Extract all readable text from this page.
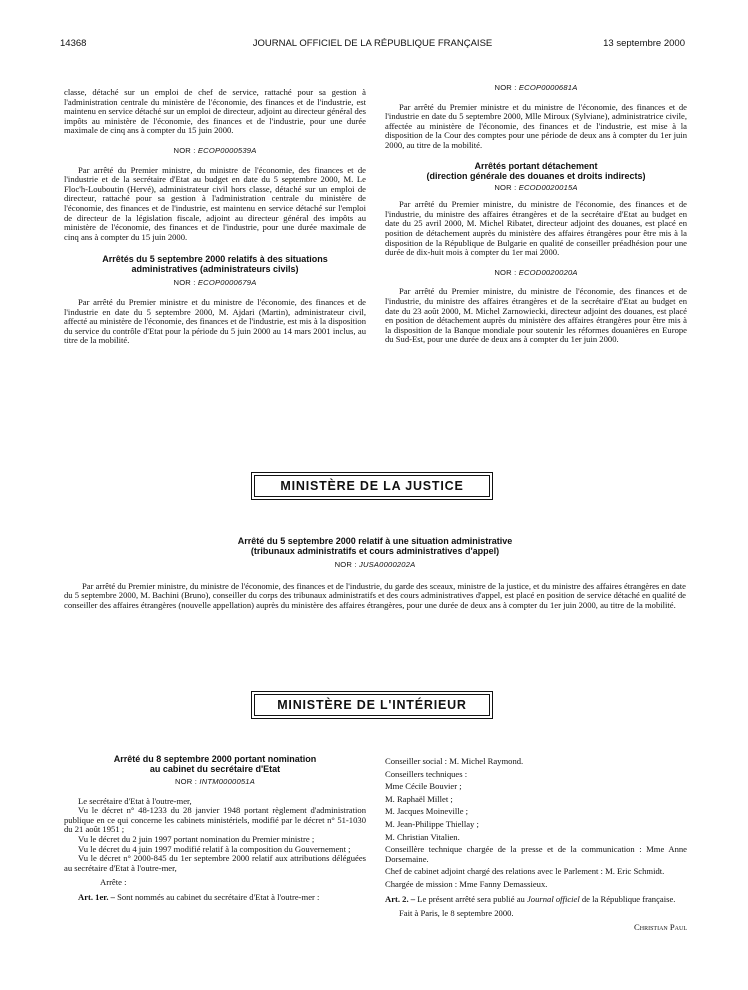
14368	JOURNAL OFFICIEL DE LA RÉPUBLIQUE FRANÇAISE	13 septembre 2000

classe, détaché sur un emploi de chef de service, rattaché pour sa gestion à l'administration centrale du ministère de l'économie, des finances et de l'industrie, est maintenu en service détaché sur un emploi de directeur, adjoint au directeur général des impôts au ministère de l'économie, des finances et de l'industrie, pour une durée maximale de cinq ans à compter du 15 juin 2000.

NOR : ECOP0000539A

Par arrêté du Premier ministre, du ministre de l'économie, des finances et de l'industrie et de la secrétaire d'Etat au budget en date du 5 septembre 2000, M. Le Floc'h-Louboutin (Hervé), administrateur civil hors classe, détaché sur un emploi de directeur, rattaché pour sa gestion à l'administration centrale du ministère de l'économie, des finances et de l'industrie, est maintenu en service détaché sur l'emploi de directeur de la législation fiscale, adjoint au directeur général des impôts au ministère de l'économie, des finances et de l'industrie, pour une durée maximale de cinq ans à compter du 15 juin 2000.

Arrêtés du 5 septembre 2000 relatifs à des situations
administratives (administrateurs civils)
NOR : ECOP0000679A

Par arrêté du Premier ministre et du ministre de l'économie, des finances et de l'industrie en date du 5 septembre 2000, M. Ajdari (Martin), administrateur civil, affecté au ministère de l'économie, des finances et de l'industrie, est mis à la disposition du service du contrôle d'Etat pour la période du 5 juin 2000 au 14 mars 2001 inclus, au titre de la mobilité.

NOR : ECOP0000681A

Par arrêté du Premier ministre et du ministre de l'économie, des finances et de l'industrie en date du 5 septembre 2000, Mlle Miroux (Sylviane), administratrice civile, affectée au ministère de l'économie, des finances et de l'industrie, est mise à la disposition de la Cour des comptes pour une période de deux ans à compter du 1er juin 2000, au titre de la mobilité.

Arrêtés portant détachement
(direction générale des douanes et droits indirects)
NOR : ECOD0020015A

Par arrêté du Premier ministre, du ministre de l'économie, des finances et de l'industrie, du ministre des affaires étrangères et de la secrétaire d'Etat au budget en date du 25 avril 2000, M. Michel Ribatet, directeur adjoint des douanes, est placé en position de détachement auprès du ministère des affaires étrangères pour être mis à la disposition de la République de Bulgarie en qualité de conseiller préadhésion pour une durée de dix-huit mois à compter du 1er mai 2000.

NOR : ECOD0020020A

Par arrêté du Premier ministre, du ministre de l'économie, des finances et de l'industrie, du ministre des affaires étrangères et de la secrétaire d'Etat au budget en date du 23 août 2000, M. Michel Zarnowiecki, directeur adjoint des douanes, est placé en position de détachement auprès du ministère des affaires étrangères pour être mis à la disposition de la Banque mondiale pour soutenir les réformes douanières en Europe du Sud-Est, pour une durée de deux ans à compter du 1er juin 2000.

MINISTÈRE DE LA JUSTICE
Arrêté du 5 septembre 2000 relatif à une situation administrative
(tribunaux administratifs et cours administratives d'appel)
NOR : JUSA0000202A

Par arrêté du Premier ministre, du ministre de l'économie, des finances et de l'industrie, du garde des sceaux, ministre de la justice, et du ministre des affaires étrangères en date du 5 septembre 2000, M. Bachini (Bruno), conseiller du corps des tribunaux administratifs et des cours administratives d'appel, est placé en position de service détaché en qualité de conseiller des affaires étrangères (nouvelle appellation) auprès du ministère des affaires étrangères, pour une durée de deux ans à compter du 1er juin 2000, au titre de la mobilité.

MINISTÈRE DE L'INTÉRIEUR
Arrêté du 8 septembre 2000 portant nomination
au cabinet du secrétaire d'Etat
NOR : INTM0000051A

Le secrétaire d'Etat à l'outre-mer,

Vu le décret n° 48-1233 du 28 janvier 1948 portant règlement d'administration publique en ce qui concerne les cabinets ministériels, modifié par le décret n° 51-1030 du 21 août 1951 ;

Vu le décret du 2 juin 1997 portant nomination du Premier ministre ;

Vu le décret du 4 juin 1997 modifié relatif à la composition du Gouvernement ;

Vu le décret n° 2000-845 du 1er septembre 2000 relatif aux attributions déléguées au secrétaire d'Etat à l'outre-mer,

Arrête :

Art. 1er. – Sont nommés au cabinet du secrétaire d'Etat à l'outre-mer :

Conseiller social : M. Michel Raymond.

Conseillers techniques :

Mme Cécile Bouvier ;

M. Raphaël Millet ;

M. Jacques Moineville ;

M. Jean-Philippe Thiellay ;

M. Christian Vitalien.

Conseillère technique chargée de la presse et de la communication : Mme Anne Dorsemaine.

Chef de cabinet adjoint chargé des relations avec le Parlement : M. Eric Schmidt.

Chargée de mission : Mme Fanny Demassieux.

Art. 2. – Le présent arrêté sera publié au Journal officiel de la République française.

Fait à Paris, le 8 septembre 2000.

Christian Paul
